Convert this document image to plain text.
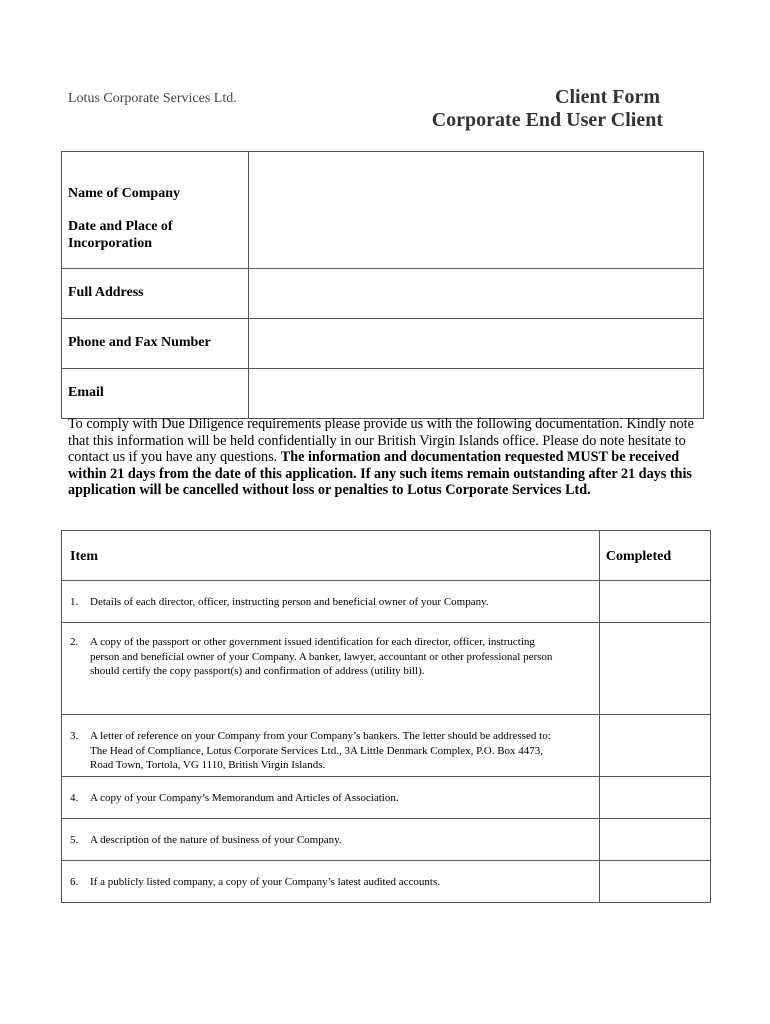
Lotus Corporate Services Ltd.	Client Form
Corporate End User Client
Name of Company
Date and Place of Incorporation	

Full Address	
Phone and Fax Number	
Email	
To comply with Due Diligence requirements please provide us with the following documentation. Kindly note that this information will be held confidentially in our British Virgin Islands office. Please do note hesitate to contact us if you have any questions. The information and documentation requested MUST be received within 21 days from the date of this application. If any such items remain outstanding after 21 days this application will be cancelled without loss or penalties to Lotus Corporate Services Ltd.
Item	Completed
1. Details of each director, officer, instructing person and beneficial owner of your Company.	
2. A copy of the passport or other government issued identification for each director, officer, instructing person and beneficial owner of your Company. A banker, lawyer, accountant or other professional person should certify the copy passport(s) and confirmation of address (utility bill).	
3. A letter of reference on your Company from your Company’s bankers. The letter should be addressed to: The Head of Compliance, Lotus Corporate Services Ltd., 3A Little Denmark Complex, P.O. Box 4473, Road Town, Tortola, VG 1110, British Virgin Islands.	
4. A copy of your Company’s Memorandum and Articles of Association.	
5. A description of the nature of business of your Company.	
6. If a publicly listed company, a copy of your Company’s latest audited accounts.	
